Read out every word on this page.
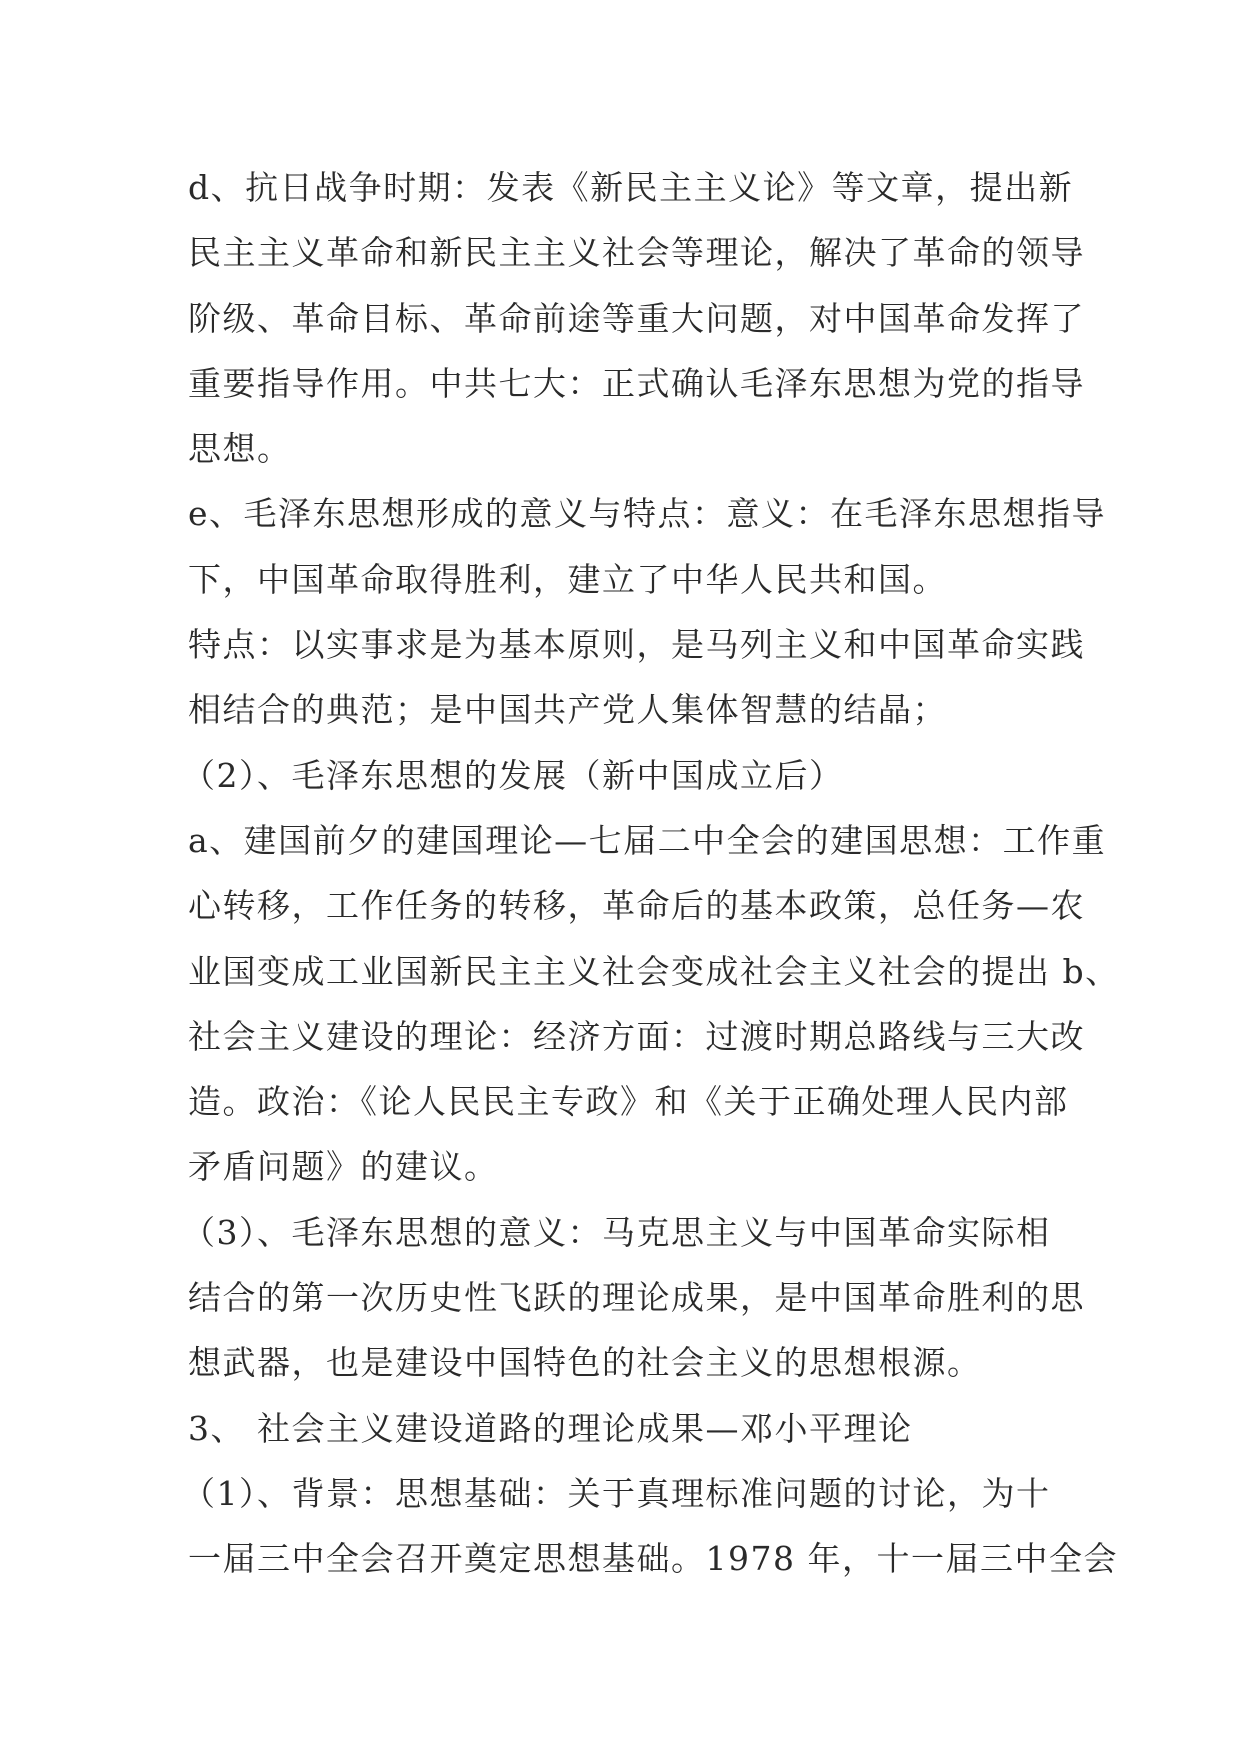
d、抗日战争时期：发表《新民主主义论》等文章，提出新
民主主义革命和新民主主义社会等理论，解决了革命的领导
阶级、革命目标、革命前途等重大问题，对中国革命发挥了
重要指导作用。中共七大：正式确认毛泽东思想为党的指导
思想。
e、毛泽东思想形成的意义与特点：意义：在毛泽东思想指导
下，中国革命取得胜利，建立了中华人民共和国。
特点：以实事求是为基本原则，是马列主义和中国革命实践
相结合的典范；是中国共产党人集体智慧的结晶；
（2）、毛泽东思想的发展（新中国成立后）
a、建国前夕的建国理论—七届二中全会的建国思想：工作重
心转移，工作任务的转移，革命后的基本政策，总任务—农
业国变成工业国新民主主义社会变成社会主义社会的提出 b、
社会主义建设的理论：经济方面：过渡时期总路线与三大改
造。政治：《论人民民主专政》和《关于正确处理人民内部
矛盾问题》的建议。
（3）、毛泽东思想的意义：马克思主义与中国革命实际相
结合的第一次历史性飞跃的理论成果，是中国革命胜利的思
想武器，也是建设中国特色的社会主义的思想根源。
3、 社会主义建设道路的理论成果—邓小平理论
（1）、背景：思想基础：关于真理标准问题的讨论，为十
一届三中全会召开奠定思想基础。1978 年，十一届三中全会
